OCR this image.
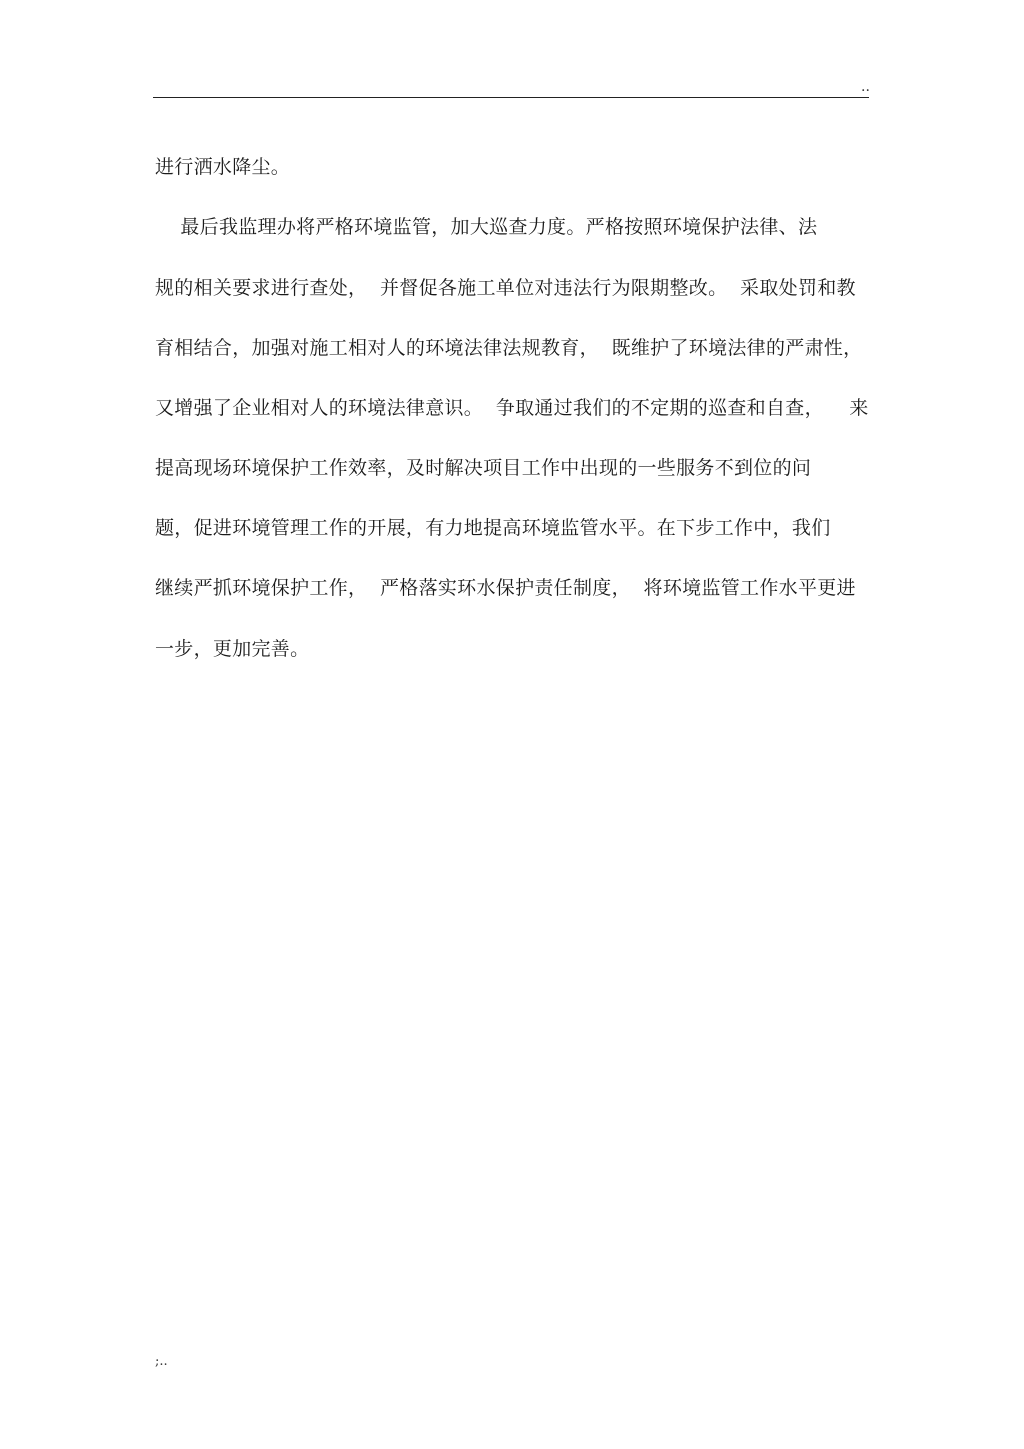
..
进行洒水降尘。
最后我监理办将严格环境监管，加大巡查力度。严格按照环境保护法律、法
规的相关要求进行查处，  并督促各施工单位对违法行为限期整改。  采取处罚和教
育相结合，加强对施工相对人的环境法律法规教育，  既维护了环境法律的严肃性，
又增强了企业相对人的环境法律意识。  争取通过我们的不定期的巡查和自查，    来
提高现场环境保护工作效率，及时解决项目工作中出现的一些服务不到位的问
题，促进环境管理工作的开展，有力地提高环境监管水平。在下步工作中，我们
继续严抓环境保护工作，  严格落实环水保护责任制度，  将环境监管工作水平更进
一步，更加完善。
;..
